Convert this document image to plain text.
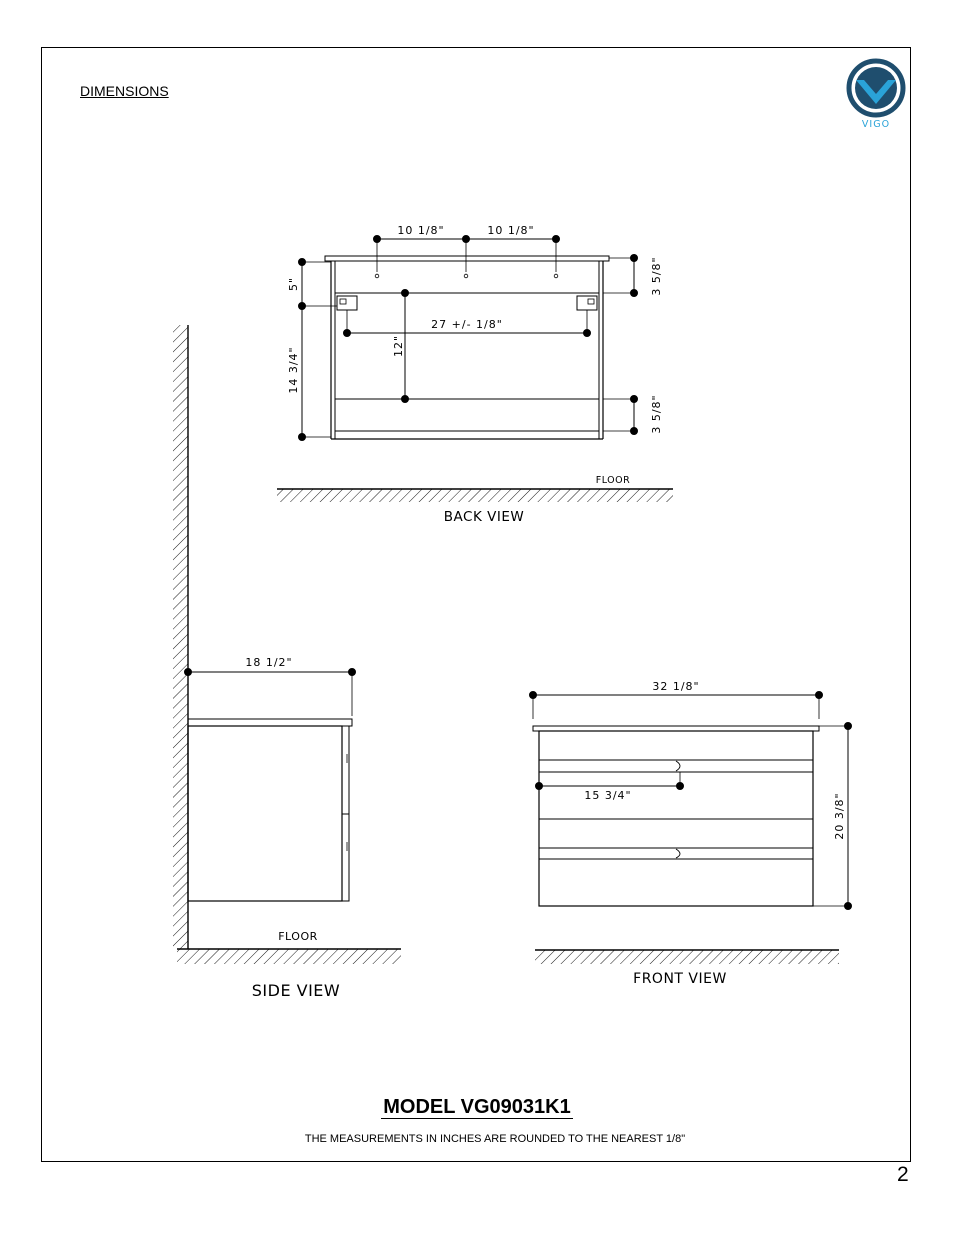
DIMENSIONS
VIGO
10 1/8"	10 1/8"
5"
14 3/4"
27 +/- 1/8"
12"
3 5/8"
3 5/8"
FLOOR
BACK VIEW
18 1/2"
FLOOR
SIDE VIEW
32 1/8"
15 3/4"	20 3/8"
FRONT VIEW
MODEL VG09031K1
THE MEASUREMENTS IN INCHES ARE ROUNDED TO THE NEAREST 1/8"
2
